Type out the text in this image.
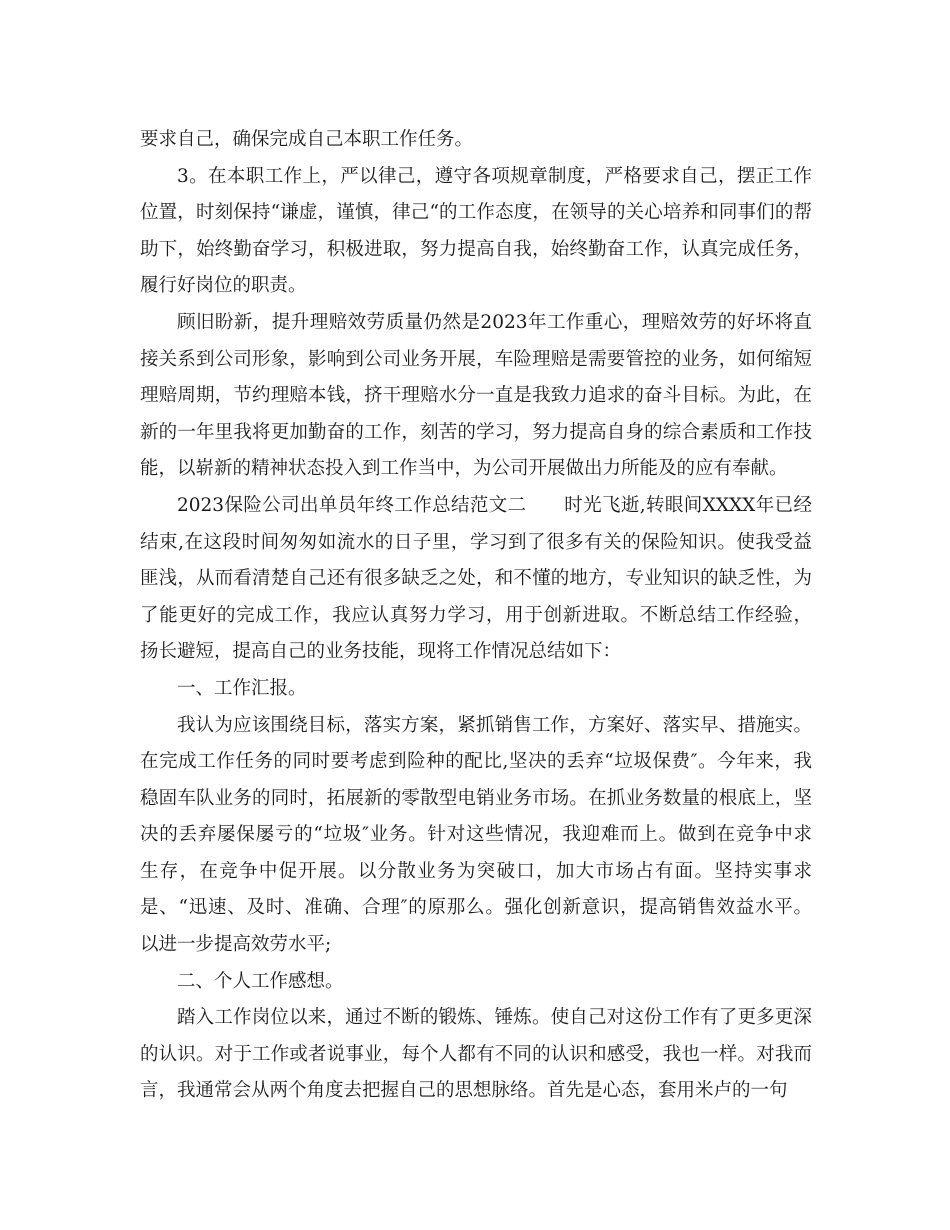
要求自己，确保完成自己本职工作任务。
3。在本职工作上，严以律己，遵守各项规章制度，严格要求自己，摆正工作
位置，时刻保持“谦虚，谨慎，律己“的工作态度，在领导的关心培养和同事们的帮
助下，始终勤奋学习，积极进取，努力提高自我，始终勤奋工作，认真完成任务，
履行好岗位的职责。
顾旧盼新，提升理赔效劳质量仍然是2023年工作重心，理赔效劳的好坏将直
接关系到公司形象，影响到公司业务开展，车险理赔是需要管控的业务，如何缩短
理赔周期，节约理赔本钱，挤干理赔水分一直是我致力追求的奋斗目标。为此，在
新的一年里我将更加勤奋的工作，刻苦的学习，努力提高自身的综合素质和工作技
能，以崭新的精神状态投入到工作当中，为公司开展做出力所能及的应有奉献。
2023保险公司出单员年终工作总结范文二　　时光飞逝,转眼间XXXX年已经
结束,在这段时间匆匆如流水的日子里，学习到了很多有关的保险知识。使我受益
匪浅，从而看清楚自己还有很多缺乏之处，和不懂的地方，专业知识的缺乏性，为
了能更好的完成工作，我应认真努力学习，用于创新进取。不断总结工作经验，
扬长避短，提高自己的业务技能，现将工作情况总结如下：
一、工作汇报。
我认为应该围绕目标，落实方案，紧抓销售工作，方案好、落实早、措施实。
在完成工作任务的同时要考虑到险种的配比,坚决的丢弃“垃圾保费″。今年来，我
稳固车队业务的同时，拓展新的零散型电销业务市场。在抓业务数量的根底上，坚
决的丢弃屡保屡亏的“垃圾″业务。针对这些情况，我迎难而上。做到在竞争中求
生存，在竞争中促开展。以分散业务为突破口，加大市场占有面。坚持实事求
是、“迅速、及时、准确、合理″的原那么。强化创新意识，提高销售效益水平。
以进一步提高效劳水平;
二、个人工作感想。
踏入工作岗位以来，通过不断的锻炼、锤炼。使自己对这份工作有了更多更深
的认识。对于工作或者说事业，每个人都有不同的认识和感受，我也一样。对我而
言，我通常会从两个角度去把握自己的思想脉络。首先是心态，套用米卢的一句
